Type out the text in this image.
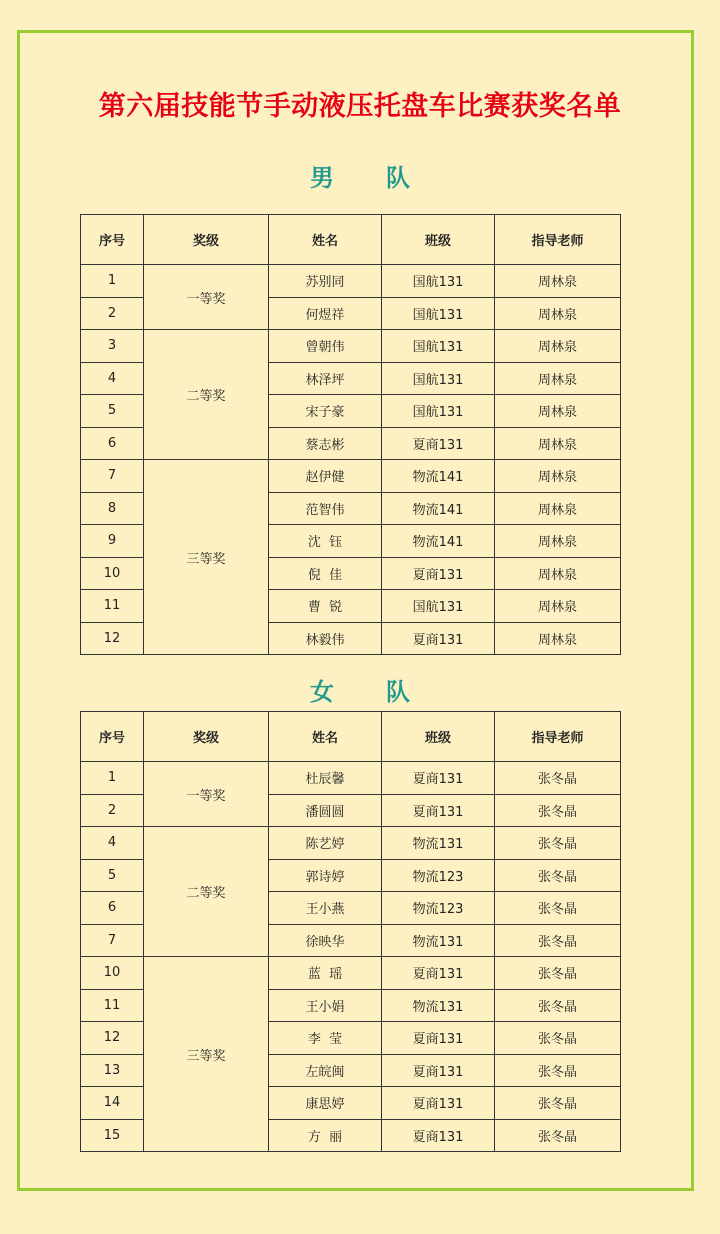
第六届技能节手动液压托盘车比赛获奖名单
男 队
序号	奖级	姓名	班级	指导老师
1	一等奖	苏别同	国航131	周林泉
2		何煜祥	国航131	周林泉
3	二等奖	曾朝伟	国航131	周林泉
4		林泽坪	国航131	周林泉
5		宋子豪	国航131	周林泉
6		蔡志彬	夏商131	周林泉
7	三等奖	赵伊健	物流141	周林泉
8		范智伟	物流141	周林泉
9		沈  钰	物流141	周林泉
10		倪  佳	夏商131	周林泉
11		曹  锐	国航131	周林泉
12		林毅伟	夏商131	周林泉
女 队
序号	奖级	姓名	班级	指导老师
1	一等奖	杜辰馨	夏商131	张冬晶
2		潘圆圆	夏商131	张冬晶
4	二等奖	陈艺婷	物流131	张冬晶
5		郭诗婷	物流123	张冬晶
6		王小燕	物流123	张冬晶
7		徐映华	物流131	张冬晶
10	三等奖	蓝  瑶	夏商131	张冬晶
11		王小娟	物流131	张冬晶
12		李  莹	夏商131	张冬晶
13		左皖闽	夏商131	张冬晶
14		康思婷	夏商131	张冬晶
15		方  丽	夏商131	张冬晶
